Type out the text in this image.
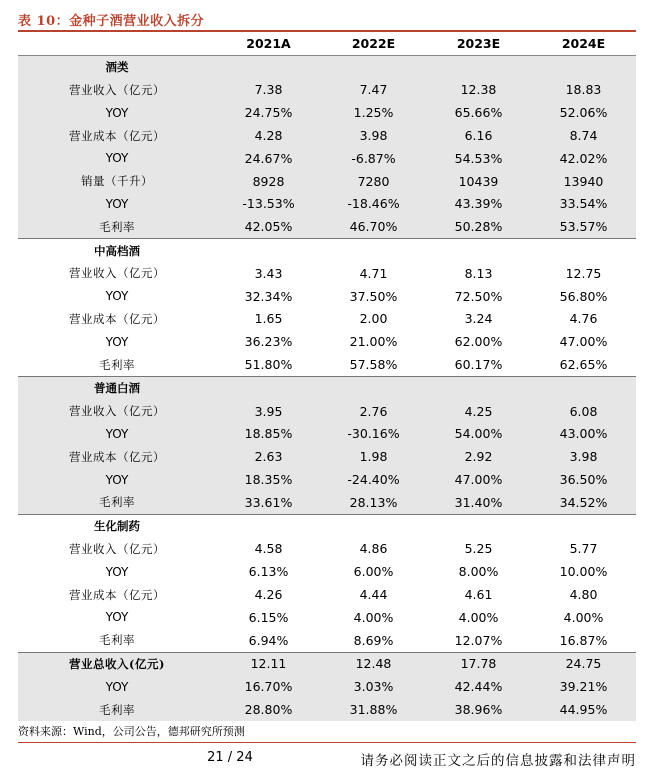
表 10：金种子酒营业收入拆分
	2021A	2022E	2023E	2024E
酒类				
营业收入（亿元）	7.38	7.47	12.38	18.83
YOY	24.75%	1.25%	65.66%	52.06%
营业成本（亿元）	4.28	3.98	6.16	8.74
YOY	24.67%	-6.87%	54.53%	42.02%
销量（千升）	8928	7280	10439	13940
YOY	-13.53%	-18.46%	43.39%	33.54%
毛利率	42.05%	46.70%	50.28%	53.57%
中高档酒				
营业收入（亿元）	3.43	4.71	8.13	12.75
YOY	32.34%	37.50%	72.50%	56.80%
营业成本（亿元）	1.65	2.00	3.24	4.76
YOY	36.23%	21.00%	62.00%	47.00%
毛利率	51.80%	57.58%	60.17%	62.65%
普通白酒				
营业收入（亿元）	3.95	2.76	4.25	6.08
YOY	18.85%	-30.16%	54.00%	43.00%
营业成本（亿元）	2.63	1.98	2.92	3.98
YOY	18.35%	-24.40%	47.00%	36.50%
毛利率	33.61%	28.13%	31.40%	34.52%
生化制药				
营业收入（亿元）	4.58	4.86	5.25	5.77
YOY	6.13%	6.00%	8.00%	10.00%
营业成本（亿元）	4.26	4.44	4.61	4.80
YOY	6.15%	4.00%	4.00%	4.00%
毛利率	6.94%	8.69%	12.07%	16.87%
营业总收入(亿元)	12.11	12.48	17.78	24.75
YOY	16.70%	3.03%	42.44%	39.21%
毛利率	28.80%	31.88%	38.96%	44.95%
资料来源：Wind，公司公告，德邦研究所预测
21 / 24	请务必阅读正文之后的信息披露和法律声明
